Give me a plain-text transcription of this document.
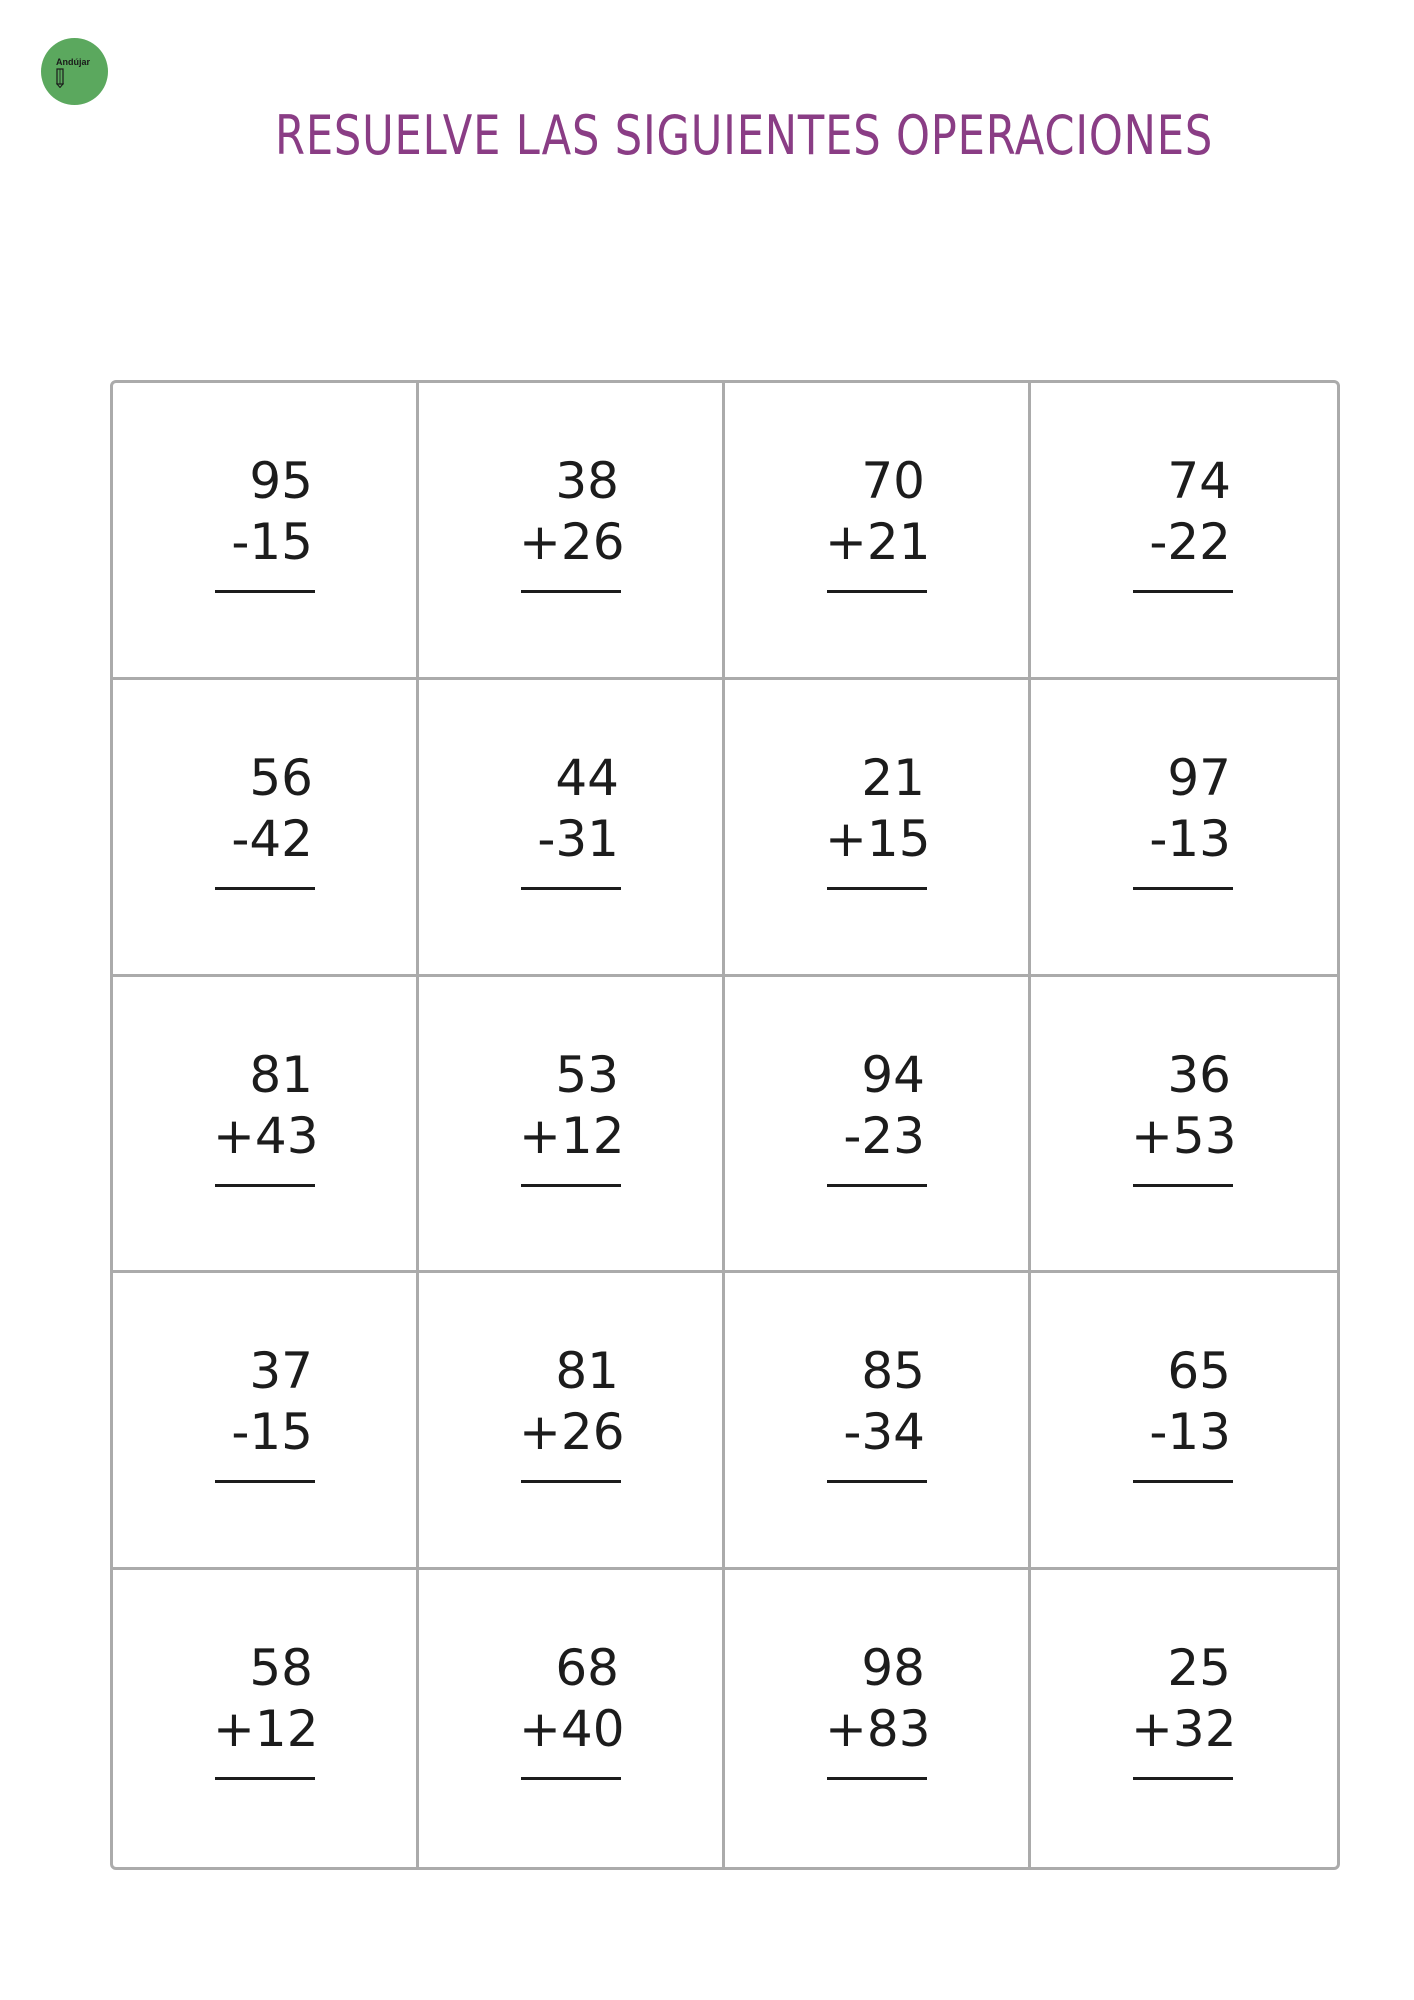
Andújar
RESUELVE LAS SIGUIENTES OPERACIONES
95
-15
38
+26
70
+21
74
-22
56
-42
44
-31
21
+15
97
-13
81
+43
53
+12
94
-23
36
+53
37
-15
81
+26
85
-34
65
-13
58
+12
68
+40
98
+83
25
+32
